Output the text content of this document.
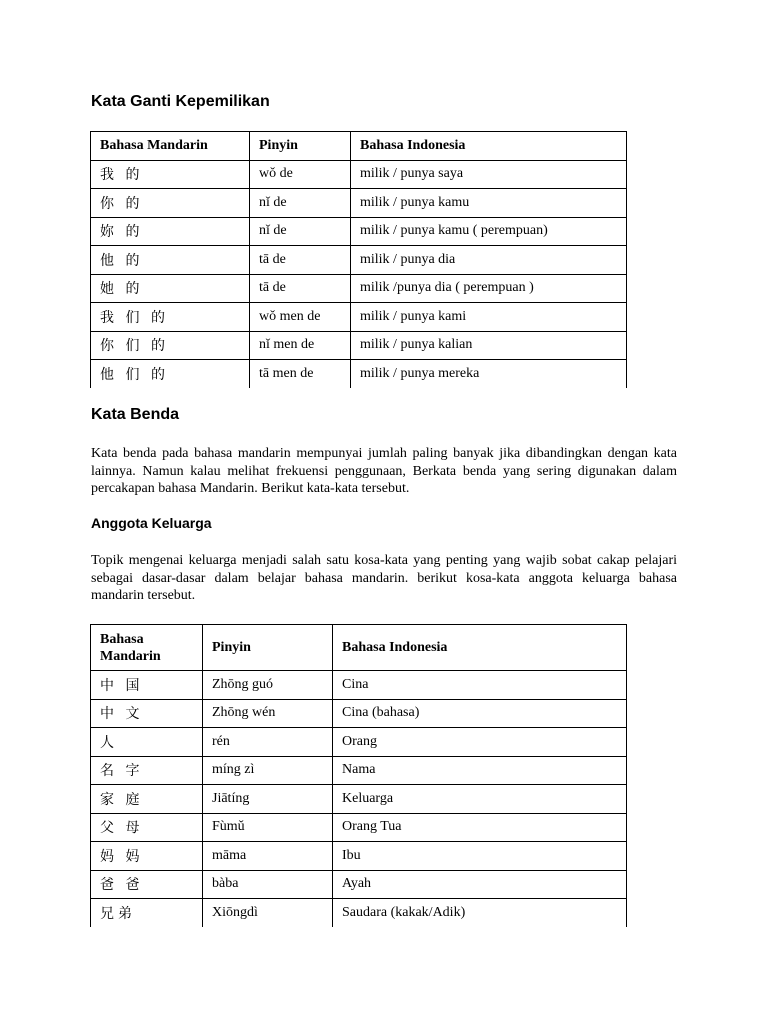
Kata Ganti Kepemilikan
Bahasa Mandarin	Pinyin	Bahasa Indonesia
我 的	wǒ de	milik / punya saya
你 的	nǐ de	milik / punya kamu
妳 的	nǐ de	milik / punya kamu ( perempuan)
他 的	tā de	milik / punya dia
她 的	tā de	milik /punya dia ( perempuan )
我 们 的	wǒ men de	milik / punya kami
你 们 的	nǐ men de	milik / punya kalian
他 们 的	tā men de	milik / punya mereka
Kata Benda

Kata benda pada bahasa mandarin mempunyai jumlah paling banyak jika dibandingkan dengan kata lainnya. Namun kalau melihat frekuensi penggunaan, Berkata benda yang sering digunakan dalam percakapan bahasa Mandarin. Berikut kata-kata tersebut.

Anggota Keluarga

Topik mengenai keluarga menjadi salah satu kosa-kata yang penting yang wajib sobat cakap pelajari sebagai dasar-dasar dalam belajar bahasa mandarin. berikut kosa-kata anggota keluarga bahasa mandarin tersebut.

Bahasa Mandarin	Pinyin	Bahasa Indonesia
中 国	Zhōng guó	Cina
中 文	Zhōng wén	Cina (bahasa)
人	rén	Orang
名 字	míng zì	Nama
家 庭	Jiātíng	Keluarga
父 母	Fùmǔ	Orang Tua
妈 妈	māma	Ibu
爸 爸	bàba	Ayah
兄弟	Xiōngdì	Saudara (kakak/Adik)
